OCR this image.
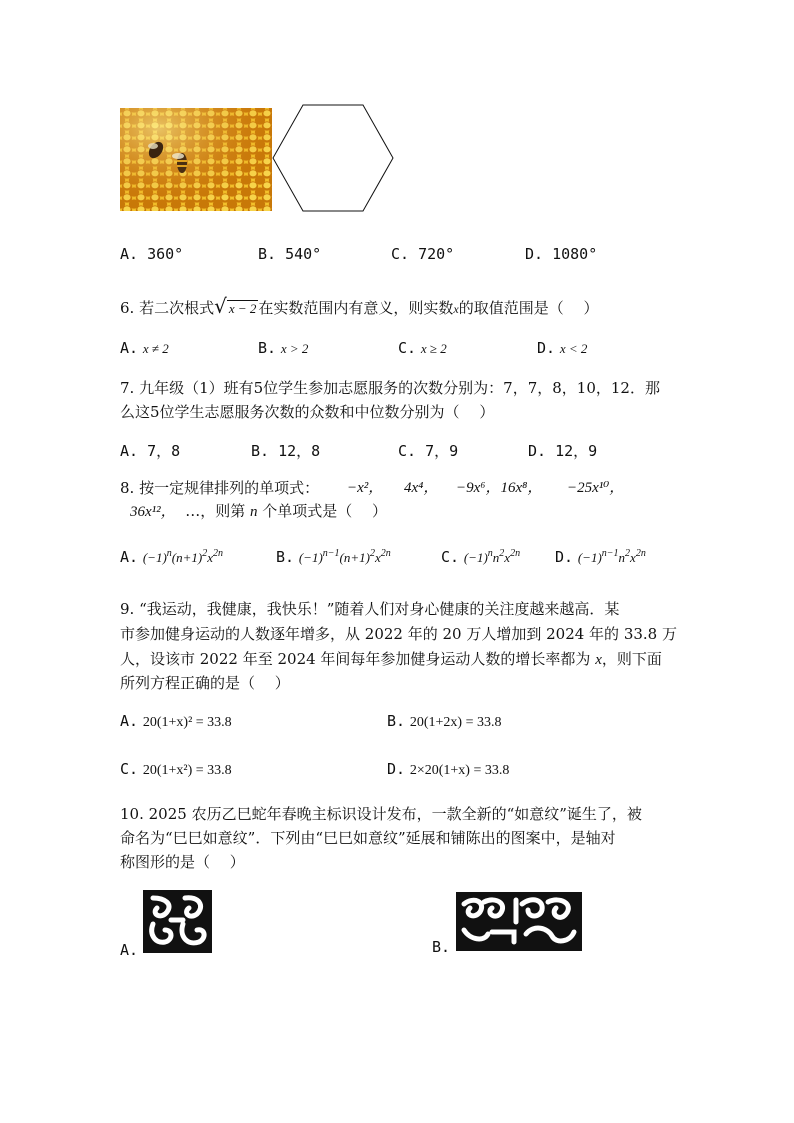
A. 360°	B. 540°	C. 720°	D. 1080°
6. 若二次根式√ x − 2 在实数范围内有意义，则实数x的取值范围是（　 ）
A. x ≠ 2	B. x > 2	C. x ≥ 2	D. x < 2
7. 九年级（1）班有5位学生参加志愿服务的次数分别为：7，7，8，10，12．那
么这5位学生志愿服务次数的众数和中位数分别为（　 ）
A. 7，8	B. 12，8	C. 7，9	D. 12，9
8. 按一定规律排列的单项式： −x²， 4x⁴， −9x⁶，16x⁸， −25x¹⁰，
36x¹²， …，则第 n 个单项式是（　 ）
A. $(-1)^n(n+1)^2x^{2n}$	B. $(-1)^{n-1}(n+1)^2x^{2n}$	C. $(-1)^nn^2x^{2n}$ D. $(-1)^{n-1}n^2x^{2n}$
9. “我运动，我健康，我快乐！”随着人们对身心健康的关注度越来越高．某
市参加健身运动的人数逐年增多，从 2022 年的 20 万人增加到 2024 年的 33.8 万
人，设该市 2022 年至 2024 年间每年参加健身运动人数的增长率都为 x，则下面
所列方程正确的是（　 ）
A. 20(1+x)² = 33.8	B. 20(1+2x) = 33.8
C. 20(1+x²) = 33.8	D. 2×20(1+x) = 33.8
10. 2025 农历乙巳蛇年春晚主标识设计发布，一款全新的“如意纹”诞生了，被
命名为“巳巳如意纹”．下列由“巳巳如意纹”延展和铺陈出的图案中，是轴对
称图形的是（　 ）
A.	B.
